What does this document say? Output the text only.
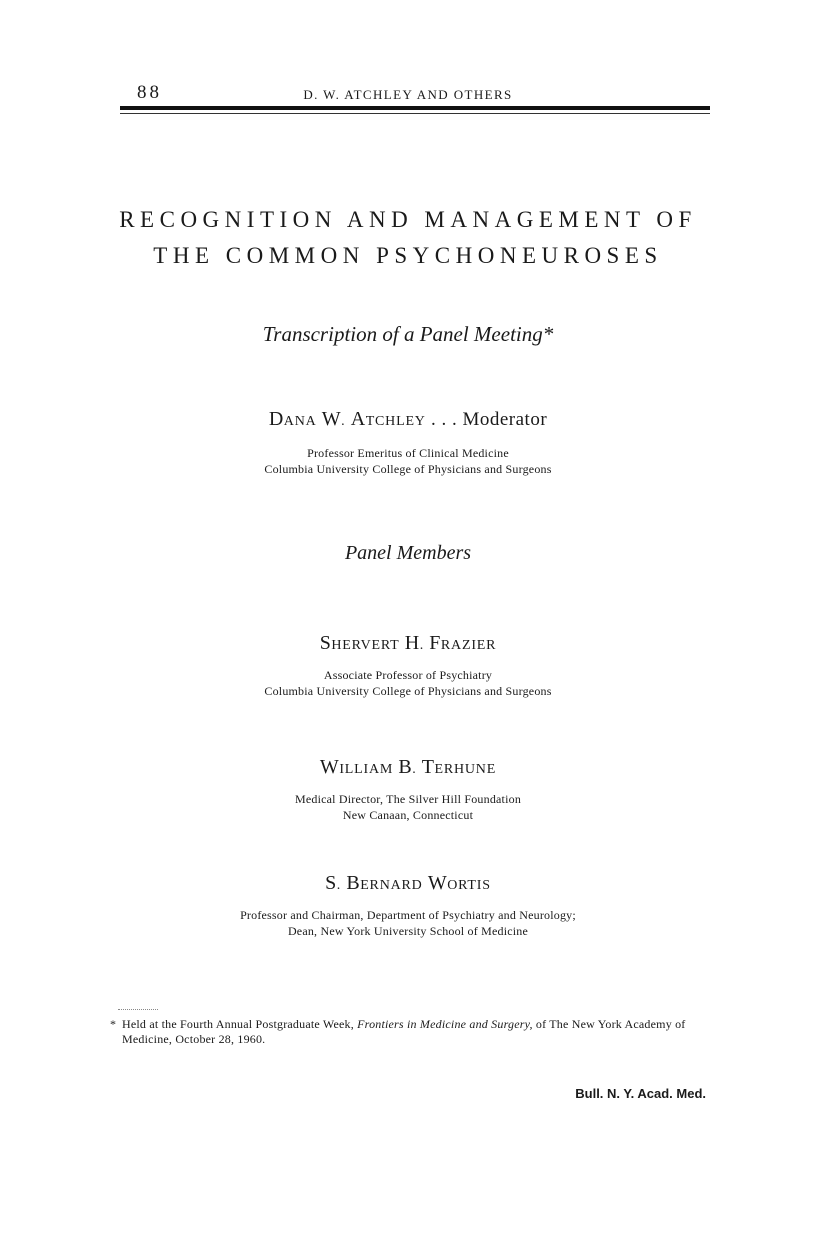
88	D. W. ATCHLEY AND OTHERS
RECOGNITION AND MANAGEMENT OF
THE COMMON PSYCHONEUROSES
Transcription of a Panel Meeting*
DANA W. ATCHLEY . . . Moderator
Professor Emeritus of Clinical Medicine
Columbia University College of Physicians and Surgeons
Panel Members
SHERVERT H. FRAZIER
Associate Professor of Psychiatry
Columbia University College of Physicians and Surgeons
WILLIAM B. TERHUNE
Medical Director, The Silver Hill Foundation
New Canaan, Connecticut
S. BERNARD WORTIS
Professor and Chairman, Department of Psychiatry and Neurology;
Dean, New York University School of Medicine
* Held at the Fourth Annual Postgraduate Week, Frontiers in Medicine and Surgery, of The New York Academy of Medicine, October 28, 1960.
Bull. N. Y. Acad. Med.
